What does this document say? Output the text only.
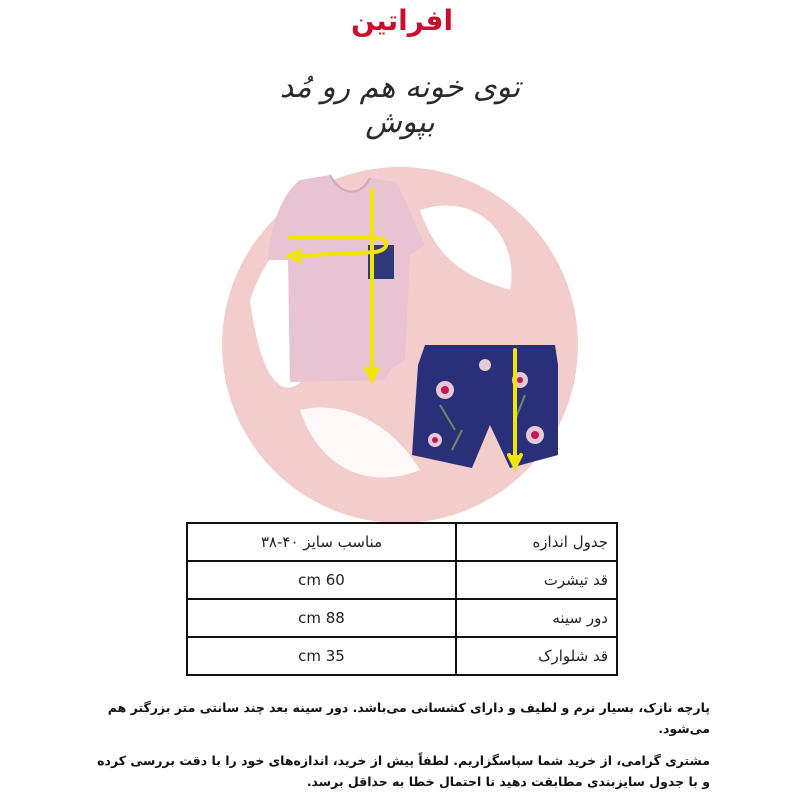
افراتین
توی خونه هم رو مُد بپوش
جدول اندازه	مناسب سایز ۴۰-۳۸
قد تیشرت	60 cm
دور سینه	88 cm
قد شلوارک	35 cm
پارچه نازک، بسیار نرم و لطیف و دارای کشسانی می‌باشد. دور سینه بعد چند سانتی متر بزرگتر هم می‌شود.
مشتری گرامی، از خرید شما سپاسگزاریم. لطفاً پیش از خرید، اندازه‌های خود را با دقت بررسی کرده و با جدول سایزبندی مطابقت دهید تا احتمال خطا به حداقل برسد.
